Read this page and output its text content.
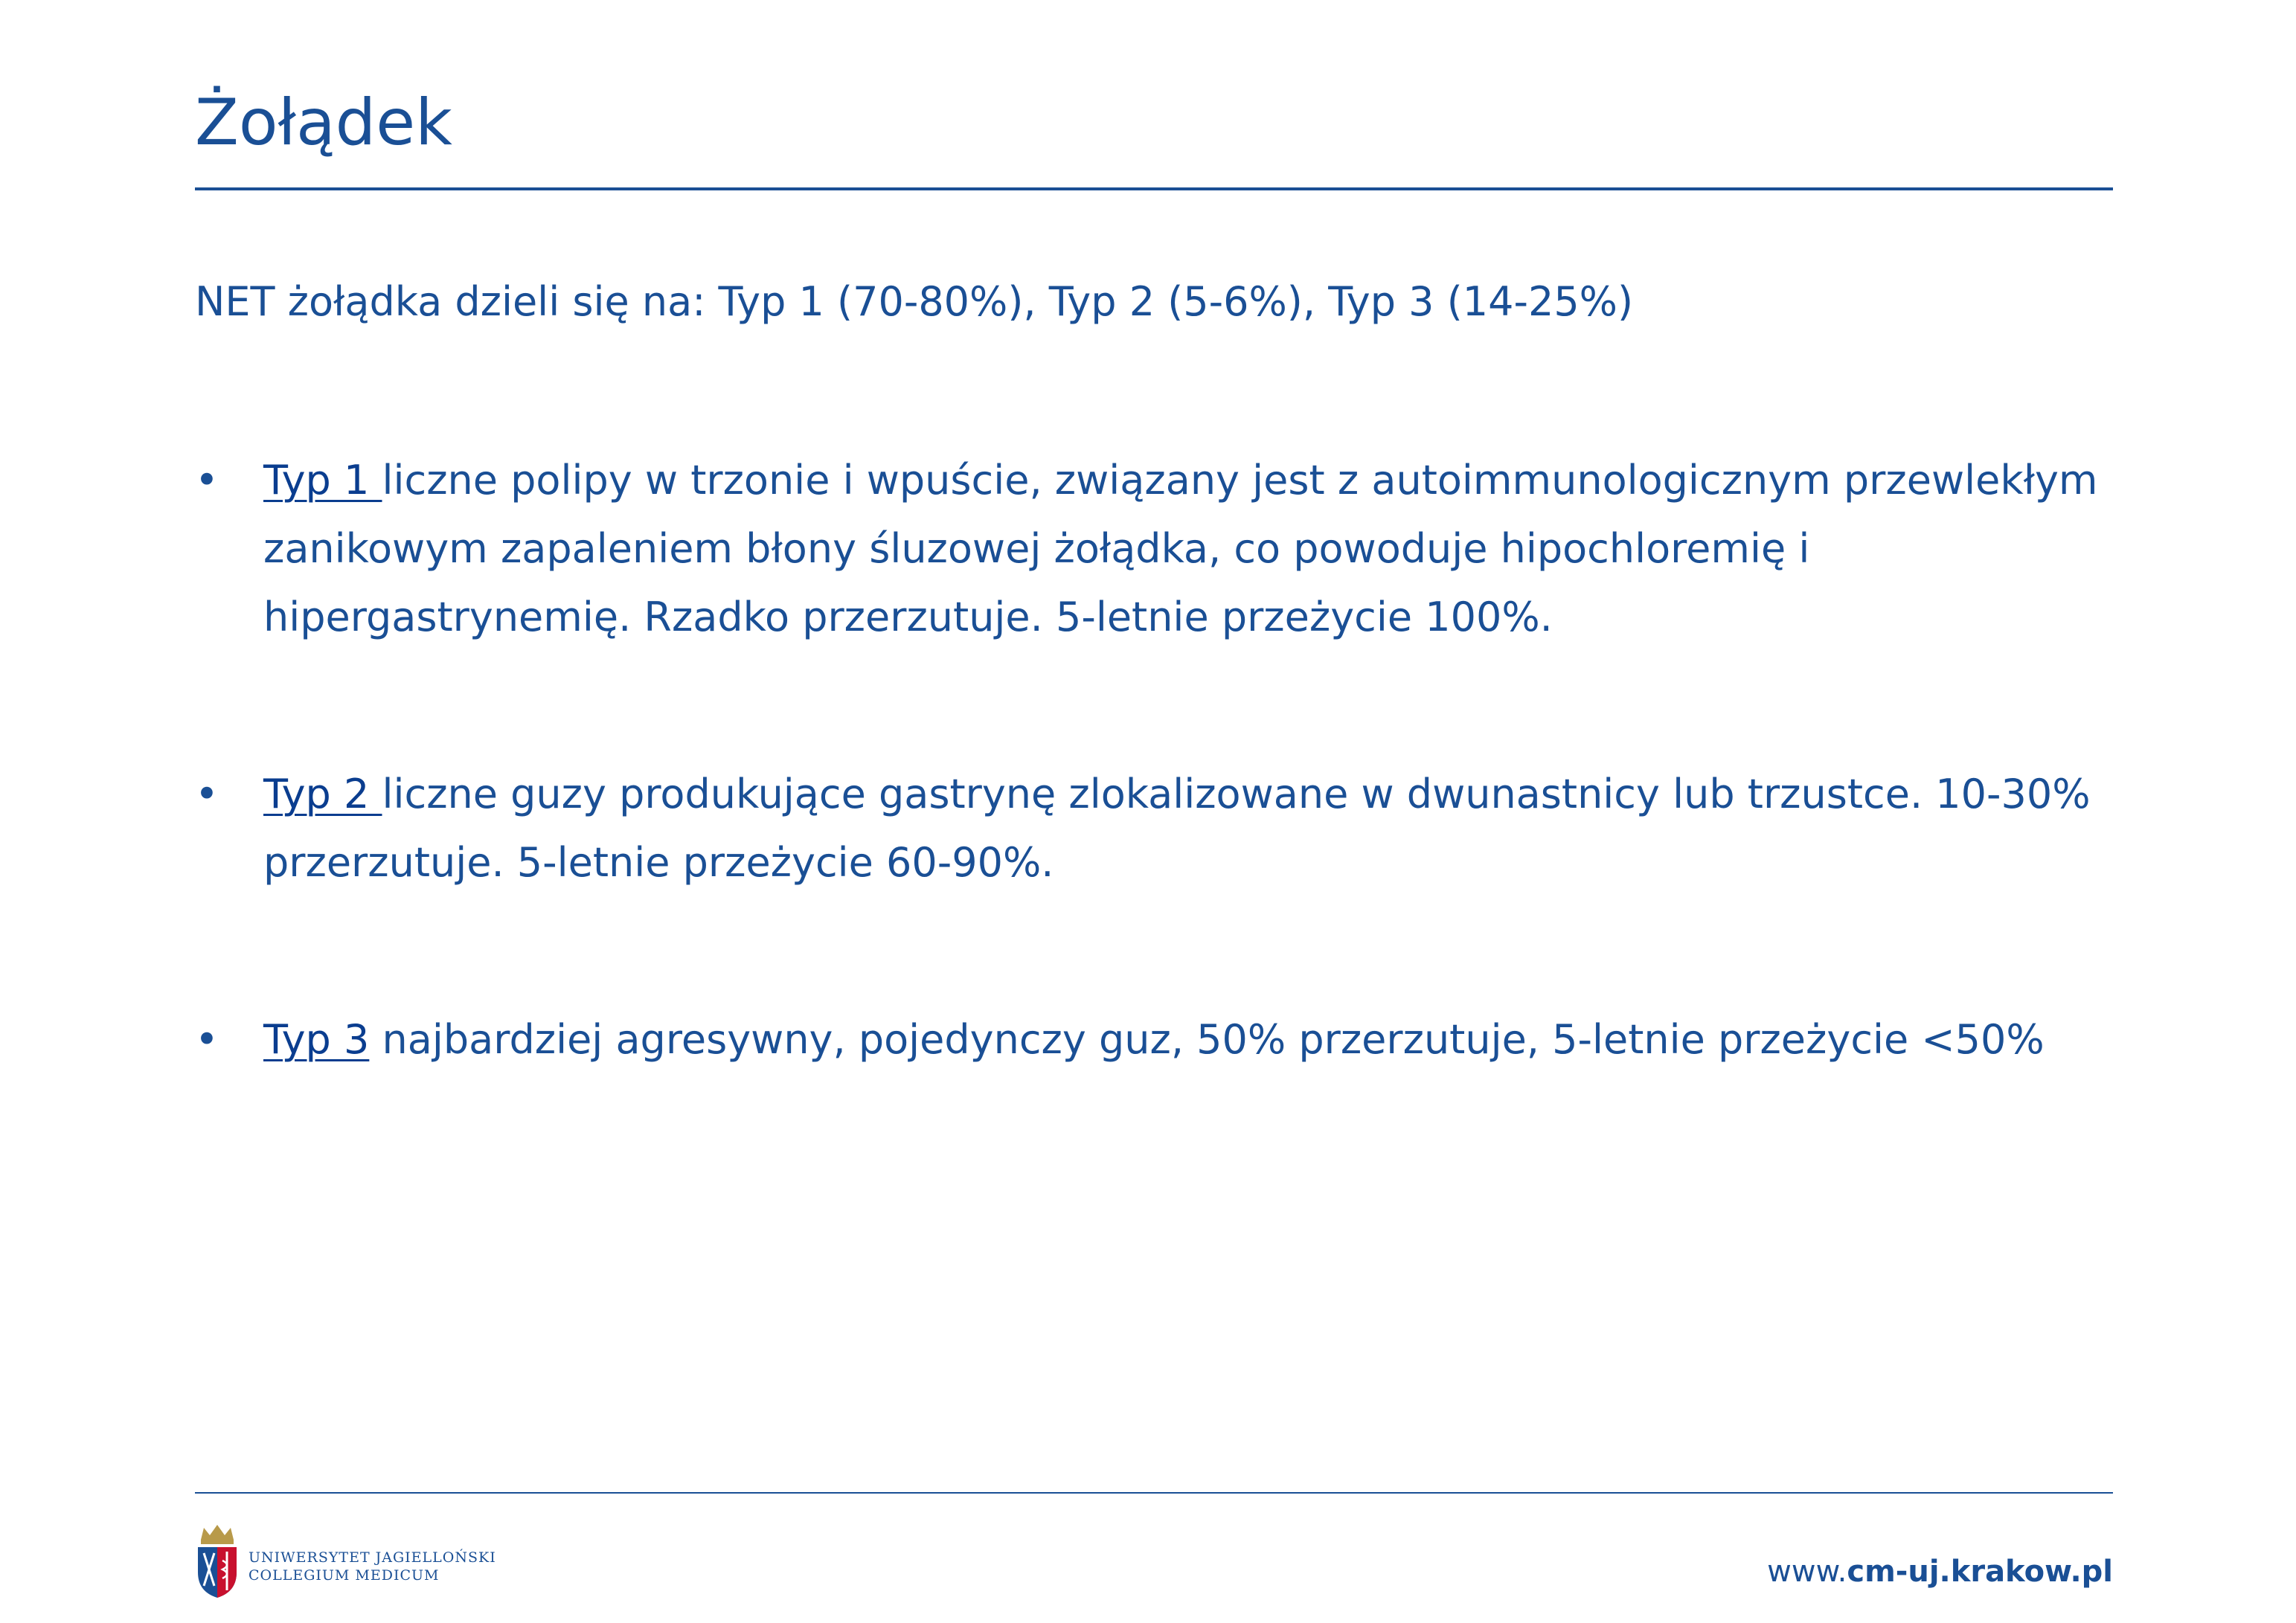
Żołądek
NET żołądka dzieli się na: Typ 1 (70-80%), Typ 2 (5-6%), Typ 3 (14-25%)
• Typ 1 liczne polipy w trzonie i wpuście, związany jest z autoimmunologicznym przewlekłym zanikowym zapaleniem błony śluzowej żołądka, co powoduje hipochloremię i hipergastrynemię. Rzadko przerzutuje. 5-letnie przeżycie 100%.
• Typ 2 liczne guzy produkujące gastrynę zlokalizowane w dwunastnicy lub trzustce. 10-30% przerzutuje. 5-letnie przeżycie 60-90%.
• Typ 3 najbardziej agresywny, pojedynczy guz, 50% przerzutuje, 5-letnie przeżycie <50%
UNIWERSYTET JAGIELLOŃSKI
COLLEGIUM MEDICUM	www.cm-uj.krakow.pl
